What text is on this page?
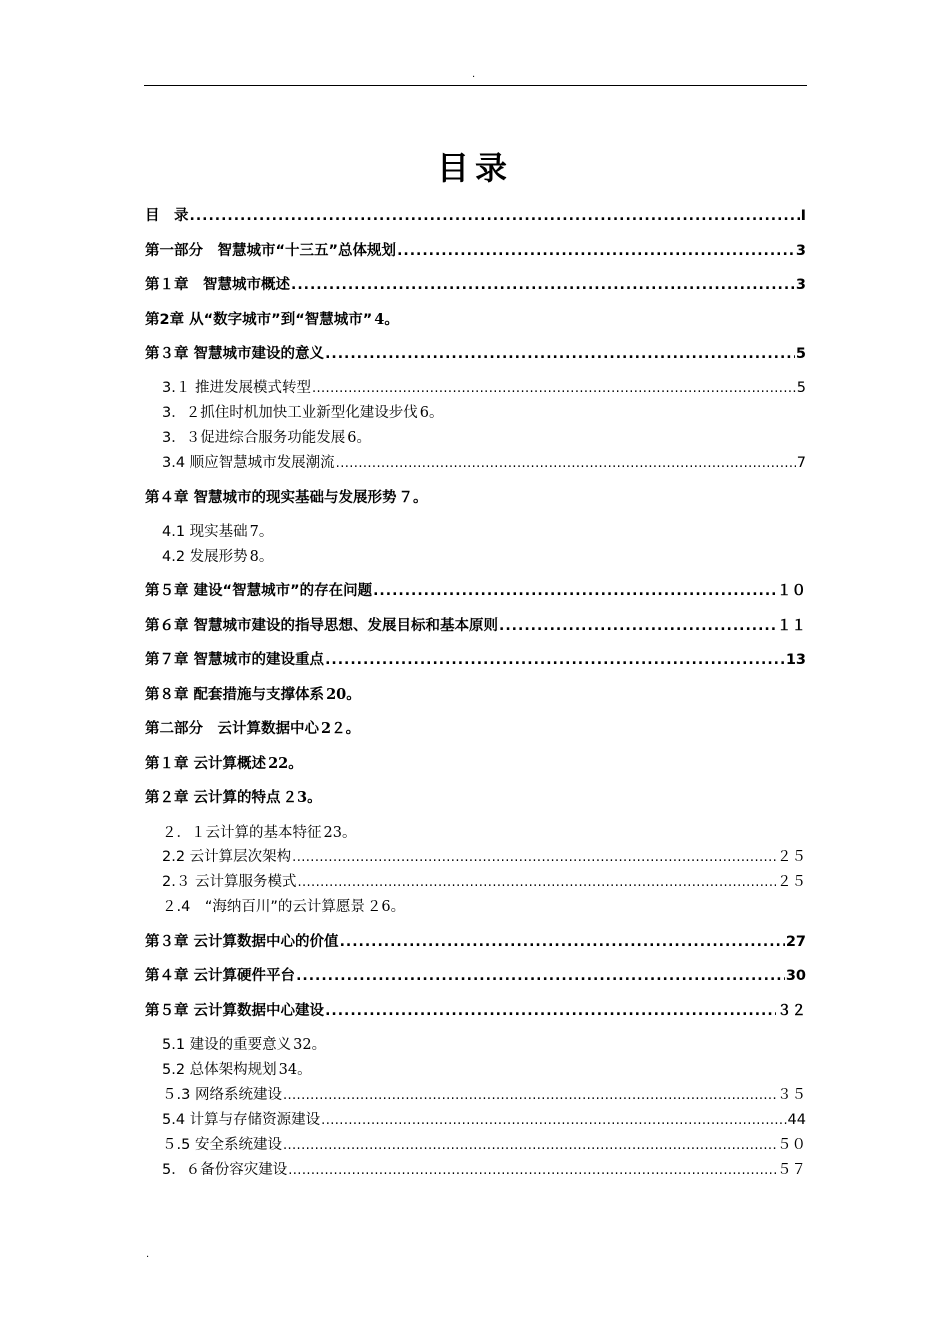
.
目录
目　录 .....	I
第一部分　智慧城市“十三五”总体规划 .....	3
第１章　智慧城市概述 .....	3
第2章 从“数字城市”到“智慧城市” 4。
第３章 智慧城市建设的意义 .....	5
3.１ 推进发展模式转型 .....	5
3．２抓住时机加快工业新型化建设步伐 6。
3．３促进综合服务功能发展 6。
3.4 顺应智慧城市发展潮流 .....	7
第４章 智慧城市的现实基础与发展形势 ７。
4.1 现实基础 7。
4.2 发展形势 8。
第５章 建设“智慧城市”的存在问题 .....	１０
第６章 智慧城市建设的指导思想、发展目标和基本原则 .....	１１
第７章 智慧城市的建设重点 .....	13
第８章 配套措施与支撑体系 20。
第二部分　云计算数据中心 2２。
第１章 云计算概述 22。
第２章 云计算的特点 ２3。
２．１云计算的基本特征 23。
2.2 云计算层次架构 .....	２５
2.３ 云计算服务模式 .....	２５
２.4　“海纳百川”的云计算愿景 ２6。
第３章 云计算数据中心的价值 .....	27
第４章 云计算硬件平台 .....	30
第５章 云计算数据中心建设 .....	３２
5.1 建设的重要意义 32。
5.2 总体架构规划 34。
５.3 网络系统建设 .....	３５
5.4 计算与存储资源建设 .....	44
５.5 安全系统建设 .....	５０
5．６备份容灾建设 .....	５７
.
